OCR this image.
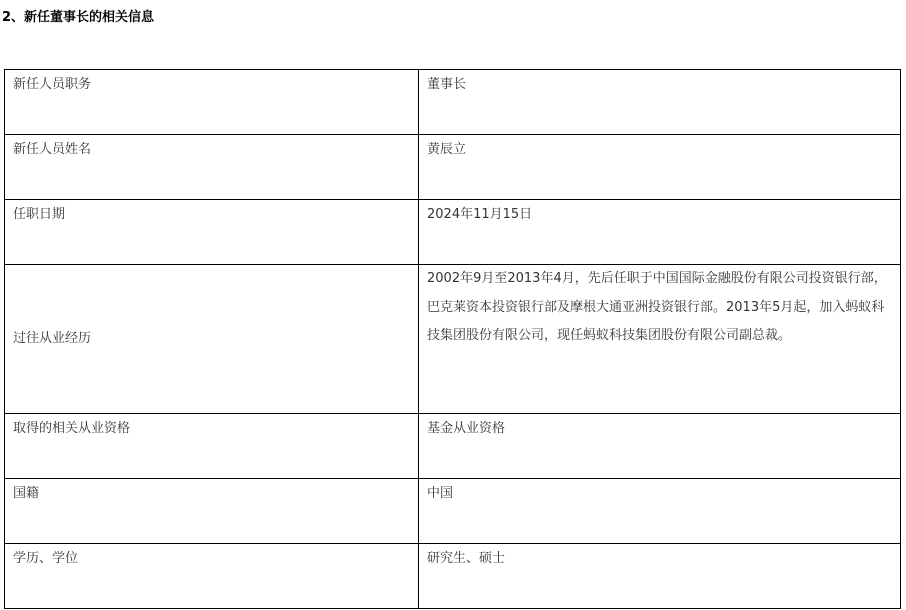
2、新任董事长的相关信息
新任人员职务	董事长
新任人员姓名	黄辰立
任职日期	2024年11月15日
过往从业经历	2002年9月至2013年4月，先后任职于中国国际金融股份有限公司投资银行部，巴克莱资本投资银行部及摩根大通亚洲投资银行部。2013年5月起，加入蚂蚁科技集团股份有限公司，现任蚂蚁科技集团股份有限公司副总裁。
取得的相关从业资格	基金从业资格
国籍	中国
学历、学位	研究生、硕士
